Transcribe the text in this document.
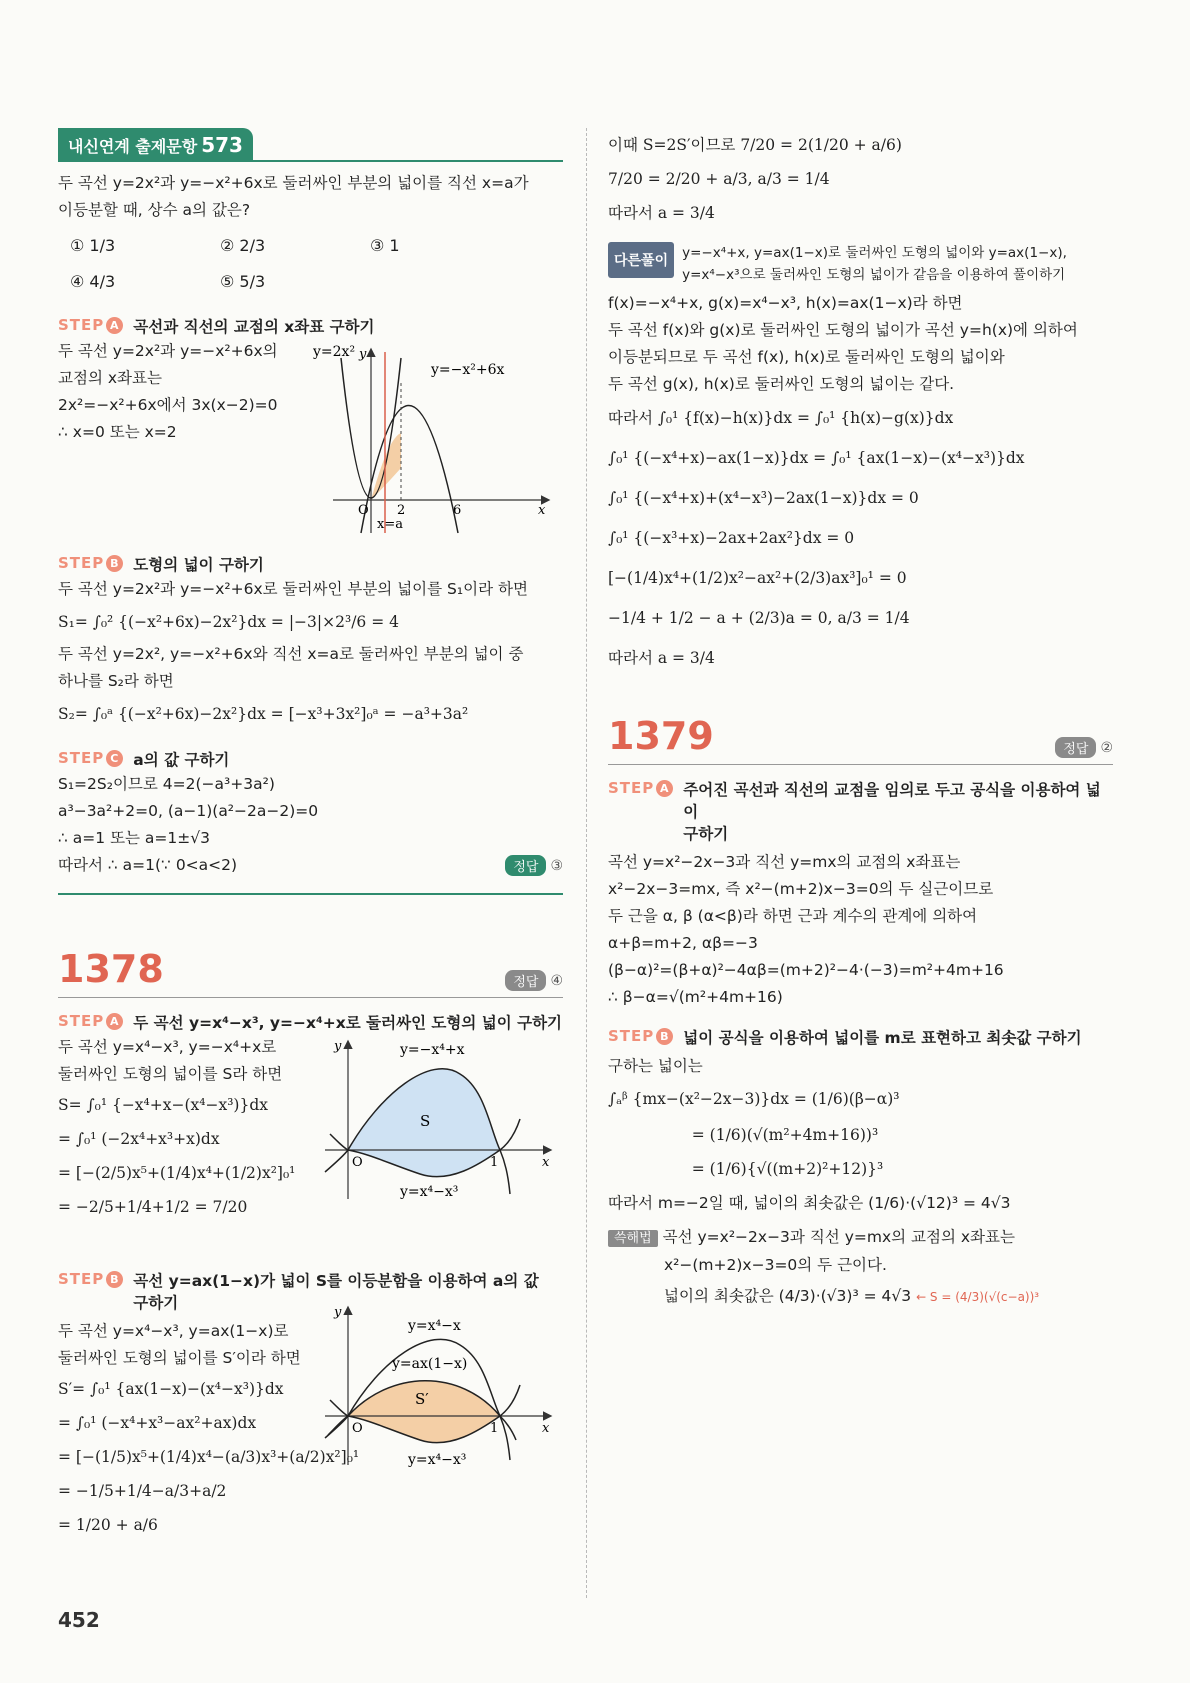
내신연계 출제문항 573
두 곡선 y=2x²과 y=−x²+6x로 둘러싸인 부분의 넓이를 직선 x=a가
이등분할 때, 상수 a의 값은?
① 1/3	② 2/3	③ 1
④ 4/3	⑤ 5/3
STEP A 곡선과 직선의 교점의 x좌표 구하기
두 곡선 y=2x²과 y=−x²+6x의
교점의 x좌표는
2x²=−x²+6x에서 3x(x−2)=0
∴ x=0 또는 x=2
y=2x²
y=−x²+6x
x=a
O 2	6	x
y
STEP B 도형의 넓이 구하기
두 곡선 y=2x²과 y=−x²+6x로 둘러싸인 부분의 넓이를 S₁이라 하면
S₁= ∫₀² {(−x²+6x)−2x²}dx = |−3|×2³/6 = 4
두 곡선 y=2x², y=−x²+6x와 직선 x=a로 둘러싸인 부분의 넓이 중
하나를 S₂라 하면
S₂= ∫₀ᵃ {(−x²+6x)−2x²}dx = [−x³+3x²]₀ᵃ = −a³+3a²
STEP C a의 값 구하기
S₁=2S₂이므로 4=2(−a³+3a²)
a³−3a²+2=0, (a−1)(a²−2a−2)=0
∴ a=1 또는 a=1±√3
따라서 ∴ a=1(∵ 0<a<2)	정답 ③
1378	정답 ④
STEP A 두 곡선 y=x⁴−x³, y=−x⁴+x로 둘러싸인 도형의 넓이 구하기
두 곡선 y=x⁴−x³, y=−x⁴+x로
둘러싸인 도형의 넓이를 S라 하면
S= ∫₀¹ {−x⁴+x−(x⁴−x³)}dx
= ∫₀¹ (−2x⁴+x³+x)dx
= [−(2/5)x⁵+(1/4)x⁴+(1/2)x²]₀¹
= −2/5+1/4+1/2 = 7/20
y=−x⁴+x
y=x⁴−x³
S
O	1	x
y
STEP B 곡선 y=ax(1−x)가 넓이 S를 이등분함을 이용하여 a의 값
구하기
두 곡선 y=x⁴−x³, y=ax(1−x)로
둘러싸인 도형의 넓이를 S′이라 하면
S′= ∫₀¹ {ax(1−x)−(x⁴−x³)}dx
= ∫₀¹ (−x⁴+x³−ax²+ax)dx
= [−(1/5)x⁵+(1/4)x⁴−(a/3)x³+(a/2)x²]₀¹
= −1/5+1/4−a/3+a/2
= 1/20 + a/6
y=x⁴−x
y=ax(1−x)
y=x⁴−x³
S′
O	1	x
y
이때 S=2S′이므로 7/20 = 2(1/20 + a/6)
7/20 = 2/20 + a/3, a/3 = 1/4
따라서 a = 3/4
다른풀이	y=−x⁴+x, y=ax(1−x)로 둘러싸인 도형의 넓이와 y=ax(1−x),
y=x⁴−x³으로 둘러싸인 도형의 넓이가 같음을 이용하여 풀이하기
f(x)=−x⁴+x, g(x)=x⁴−x³, h(x)=ax(1−x)라 하면
두 곡선 f(x)와 g(x)로 둘러싸인 도형의 넓이가 곡선 y=h(x)에 의하여
이등분되므로 두 곡선 f(x), h(x)로 둘러싸인 도형의 넓이와
두 곡선 g(x), h(x)로 둘러싸인 도형의 넓이는 같다.
따라서 ∫₀¹ {f(x)−h(x)}dx = ∫₀¹ {h(x)−g(x)}dx
∫₀¹ {(−x⁴+x)−ax(1−x)}dx = ∫₀¹ {ax(1−x)−(x⁴−x³)}dx
∫₀¹ {(−x⁴+x)+(x⁴−x³)−2ax(1−x)}dx = 0
∫₀¹ {(−x³+x)−2ax+2ax²}dx = 0
[−(1/4)x⁴+(1/2)x²−ax²+(2/3)ax³]₀¹ = 0
−1/4 + 1/2 − a + (2/3)a = 0, a/3 = 1/4
따라서 a = 3/4
1379	정답 ②
STEP A 주어진 곡선과 직선의 교점을 임의로 두고 공식을 이용하여 넓이
구하기
곡선 y=x²−2x−3과 직선 y=mx의 교점의 x좌표는
x²−2x−3=mx, 즉 x²−(m+2)x−3=0의 두 실근이므로
두 근을 α, β (α<β)라 하면 근과 계수의 관계에 의하여
α+β=m+2, αβ=−3
(β−α)²=(β+α)²−4αβ=(m+2)²−4·(−3)=m²+4m+16
∴ β−α=√(m²+4m+16)
STEP B 넓이 공식을 이용하여 넓이를 m로 표현하고 최솟값 구하기
구하는 넓이는
∫ₐᵝ {mx−(x²−2x−3)}dx = (1/6)(β−α)³
= (1/6)(√(m²+4m+16))³
= (1/6){√((m+2)²+12)}³
따라서 m=−2일 때, 넓이의 최솟값은 (1/6)·(√12)³ = 4√3
쓱해법 곡선 y=x²−2x−3과 직선 y=mx의 교점의 x좌표는
x²−(m+2)x−3=0의 두 근이다.
넓이의 최솟값은 (4/3)·(√3)³ = 4√3 ← S = (4/3)(√(c−a))³
452
